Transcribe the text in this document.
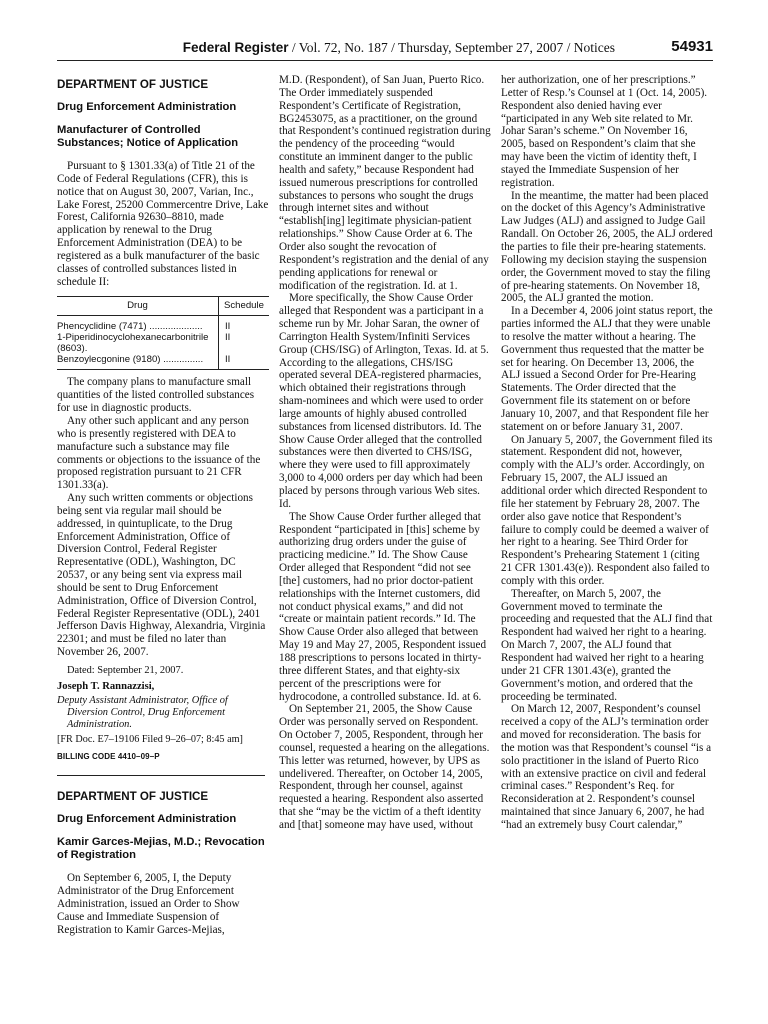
Federal Register / Vol. 72, No. 187 / Thursday, September 27, 2007 / Notices	54931
DEPARTMENT OF JUSTICE
Drug Enforcement Administration
Manufacturer of Controlled Substances; Notice of Application

Pursuant to § 1301.33(a) of Title 21 of the Code of Federal Regulations (CFR), this is notice that on August 30, 2007, Varian, Inc., Lake Forest, 25200 Commercentre Drive, Lake Forest, California 92630–8810, made application by renewal to the Drug Enforcement Administration (DEA) to be registered as a bulk manufacturer of the basic classes of controlled substances listed in schedule II:

Drug	Schedule
Phencyclidine (7471) ....................	II
1-Piperidinocyclohexanecarbonitrile (8603).	II
Benzoylecgonine (9180) ...............	II

The company plans to manufacture small quantities of the listed controlled substances for use in diagnostic products.

Any other such applicant and any person who is presently registered with DEA to manufacture such a substance may file comments or objections to the issuance of the proposed registration pursuant to 21 CFR 1301.33(a).

Any such written comments or objections being sent via regular mail should be addressed, in quintuplicate, to the Drug Enforcement Administration, Office of Diversion Control, Federal Register Representative (ODL), Washington, DC 20537, or any being sent via express mail should be sent to Drug Enforcement Administration, Office of Diversion Control, Federal Register Representative (ODL), 2401 Jefferson Davis Highway, Alexandria, Virginia 22301; and must be filed no later than November 26, 2007.

Dated: September 21, 2007.
Joseph T. Rannazzisi,
Deputy Assistant Administrator, Office of Diversion Control, Drug Enforcement Administration.
[FR Doc. E7–19106 Filed 9–26–07; 8:45 am]
BILLING CODE 4410–09–P
DEPARTMENT OF JUSTICE
Drug Enforcement Administration
Kamir Garces-Mejias, M.D.; Revocation of Registration

On September 6, 2005, I, the Deputy Administrator of the Drug Enforcement Administration, issued an Order to Show Cause and Immediate Suspension of Registration to Kamir Garces-Mejias,

M.D. (Respondent), of San Juan, Puerto Rico. The Order immediately suspended Respondent’s Certificate of Registration, BG2453075, as a practitioner, on the ground that Respondent’s continued registration during the pendency of the proceeding “would constitute an imminent danger to the public health and safety,” because Respondent had issued numerous prescriptions for controlled substances to persons who sought the drugs through internet sites and without “establish[ing] legitimate physician-patient relationships.” Show Cause Order at 6. The Order also sought the revocation of Respondent’s registration and the denial of any pending applications for renewal or modification of the registration. Id. at 1.

More specifically, the Show Cause Order alleged that Respondent was a participant in a scheme run by Mr. Johar Saran, the owner of Carrington Health System/Infiniti Services Group (CHS/ISG) of Arlington, Texas. Id. at 5. According to the allegations, CHS/ISG operated several DEA-registered pharmacies, which obtained their registrations through sham-nominees and which were used to order large amounts of highly abused controlled substances from licensed distributors. Id. The Show Cause Order alleged that the controlled substances were then diverted to CHS/ISG, where they were used to fill approximately 3,000 to 4,000 orders per day which had been placed by persons through various Web sites. Id.

The Show Cause Order further alleged that Respondent “participated in [this] scheme by authorizing drug orders under the guise of practicing medicine.” Id. The Show Cause Order alleged that Respondent “did not see [the] customers, had no prior doctor-patient relationships with the Internet customers, did not conduct physical exams,” and did not “create or maintain patient records.” Id. The Show Cause Order also alleged that between May 19 and May 27, 2005, Respondent issued 188 prescriptions to persons located in thirty-three different States, and that eighty-six percent of the prescriptions were for hydrocodone, a controlled substance. Id. at 6.

On September 21, 2005, the Show Cause Order was personally served on Respondent. On October 7, 2005, Respondent, through her counsel, requested a hearing on the allegations. This letter was returned, however, by UPS as undelivered. Thereafter, on October 14, 2005, Respondent, through her counsel, against requested a hearing. Respondent also asserted that she “may be the victim of a theft identity and [that] someone may have used, without

her authorization, one of her prescriptions.” Letter of Resp.’s Counsel at 1 (Oct. 14, 2005). Respondent also denied having ever “participated in any Web site related to Mr. Johar Saran’s scheme.” On November 16, 2005, based on Respondent’s claim that she may have been the victim of identity theft, I stayed the Immediate Suspension of her registration.

In the meantime, the matter had been placed on the docket of this Agency’s Administrative Law Judges (ALJ) and assigned to Judge Gail Randall. On October 26, 2005, the ALJ ordered the parties to file their pre-hearing statements. Following my decision staying the suspension order, the Government moved to stay the filing of pre-hearing statements. On November 18, 2005, the ALJ granted the motion.

In a December 4, 2006 joint status report, the parties informed the ALJ that they were unable to resolve the matter without a hearing. The Government thus requested that the matter be set for hearing. On December 13, 2006, the ALJ issued a Second Order for Pre-Hearing Statements. The Order directed that the Government file its statement on or before January 10, 2007, and that Respondent file her statement on or before January 31, 2007.

On January 5, 2007, the Government filed its statement. Respondent did not, however, comply with the ALJ’s order. Accordingly, on February 15, 2007, the ALJ issued an additional order which directed Respondent to file her statement by February 28, 2007. The order also gave notice that Respondent’s failure to comply could be deemed a waiver of her right to a hearing. See Third Order for Respondent’s Prehearing Statement 1 (citing 21 CFR 1301.43(e)). Respondent also failed to comply with this order.

Thereafter, on March 5, 2007, the Government moved to terminate the proceeding and requested that the ALJ find that Respondent had waived her right to a hearing. On March 7, 2007, the ALJ found that Respondent had waived her right to a hearing under 21 CFR 1301.43(e), granted the Government’s motion, and ordered that the proceeding be terminated.

On March 12, 2007, Respondent’s counsel received a copy of the ALJ’s termination order and moved for reconsideration. The basis for the motion was that Respondent’s counsel “is a solo practitioner in the island of Puerto Rico with an extensive practice on civil and federal criminal cases.” Respondent’s Req. for Reconsideration at 2. Respondent’s counsel maintained that since January 6, 2007, he had “had an extremely busy Court calendar,”
